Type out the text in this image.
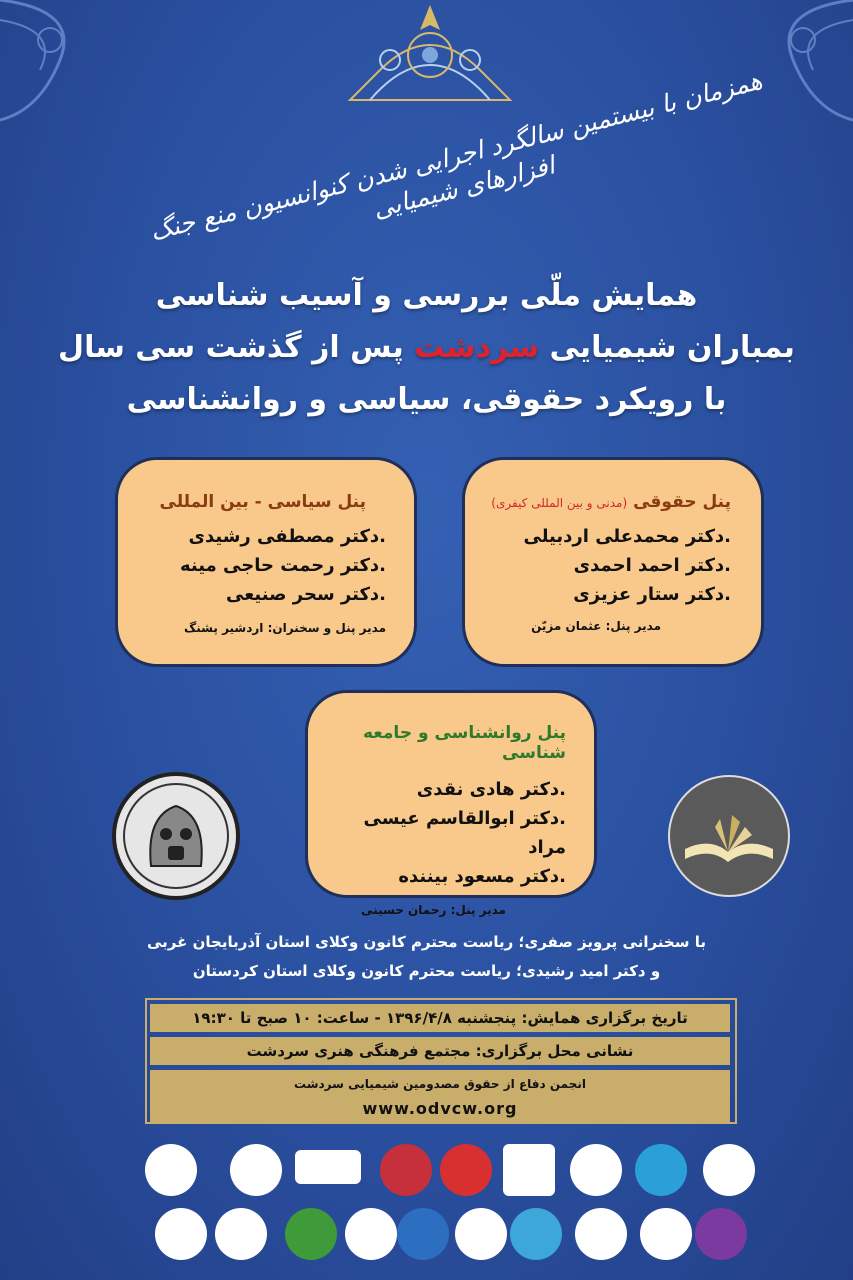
همزمان با بیستمین سالگرد اجرایی شدن کنوانسیون منع جنگ افزارهای شیمیایی
همایش ملّی بررسی و آسیب شناسی
بمباران شیمیایی سردشت پس از گذشت سی سال
با رویکرد حقوقی، سیاسی و روانشناسی
پنل حقوقی (مدنی و بین المللی کیفری)
.دکتر محمدعلی اردبیلی
.دکتر احمد احمدی
.دکتر ستار عزیزی
مدیر پنل: عثمان مزیّن
پنل سیاسی - بین المللی
.دکتر مصطفی رشیدی
.دکتر رحمت حاجی مینه
.دکتر سحر صنیعی
مدیر پنل و سخنران: اردشیر پشنگ
پنل روانشناسی و جامعه شناسی
.دکتر هادی نقدی
.دکتر ابوالقاسم عیسی مراد
.دکتر مسعود بیننده
مدیر پنل: رحمان حسینی
با سخنرانی پرویز صفری؛ ریاست محترم کانون وکلای استان آذربایجان غربی
و دکتر امید رشیدی؛ ریاست محترم کانون وکلای استان کردستان
تاریخ برگزاری همایش: پنجشنبه ۱۳۹۶/۴/۸ - ساعت: ۱۰ صبح تا ۱۹:۳۰
نشانی محل برگزاری: مجتمع فرهنگی هنری سردشت
انجمن دفاع از حقوق مصدومین شیمیایی سردشت
www.odvcw.org
